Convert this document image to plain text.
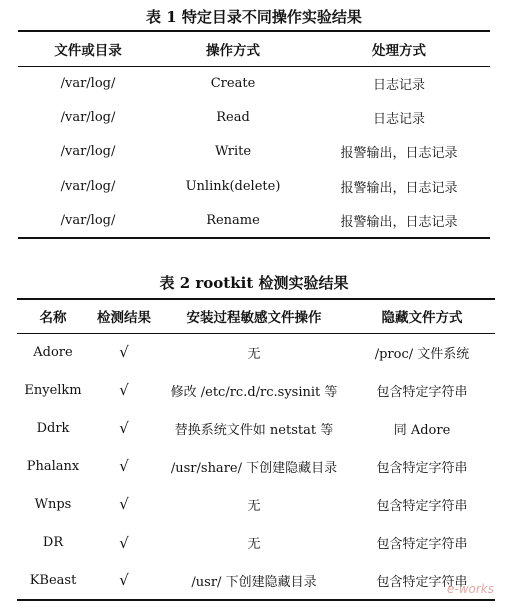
表 1 特定目录不同操作实验结果
文件或目录	操作方式	处理方式
/var/log/	Create	日志记录
/var/log/	Read	日志记录
/var/log/	Write	报警输出，日志记录
/var/log/	Unlink(delete)	报警输出，日志记录
/var/log/	Rename	报警输出，日志记录
表 2 rootkit 检测实验结果
名称	检测结果	安装过程敏感文件操作	隐藏文件方式
Adore	√	无	/proc/ 文件系统
Enyelkm	√	修改 /etc/rc.d/rc.sysinit 等	包含特定字符串
Ddrk	√	替换系统文件如 netstat 等	同 Adore
Phalanx	√	/usr/share/ 下创建隐藏目录	包含特定字符串
Wnps	√	无	包含特定字符串
DR	√	无	包含特定字符串
KBeast	√	/usr/ 下创建隐藏目录	包含特定字符串
e-works
